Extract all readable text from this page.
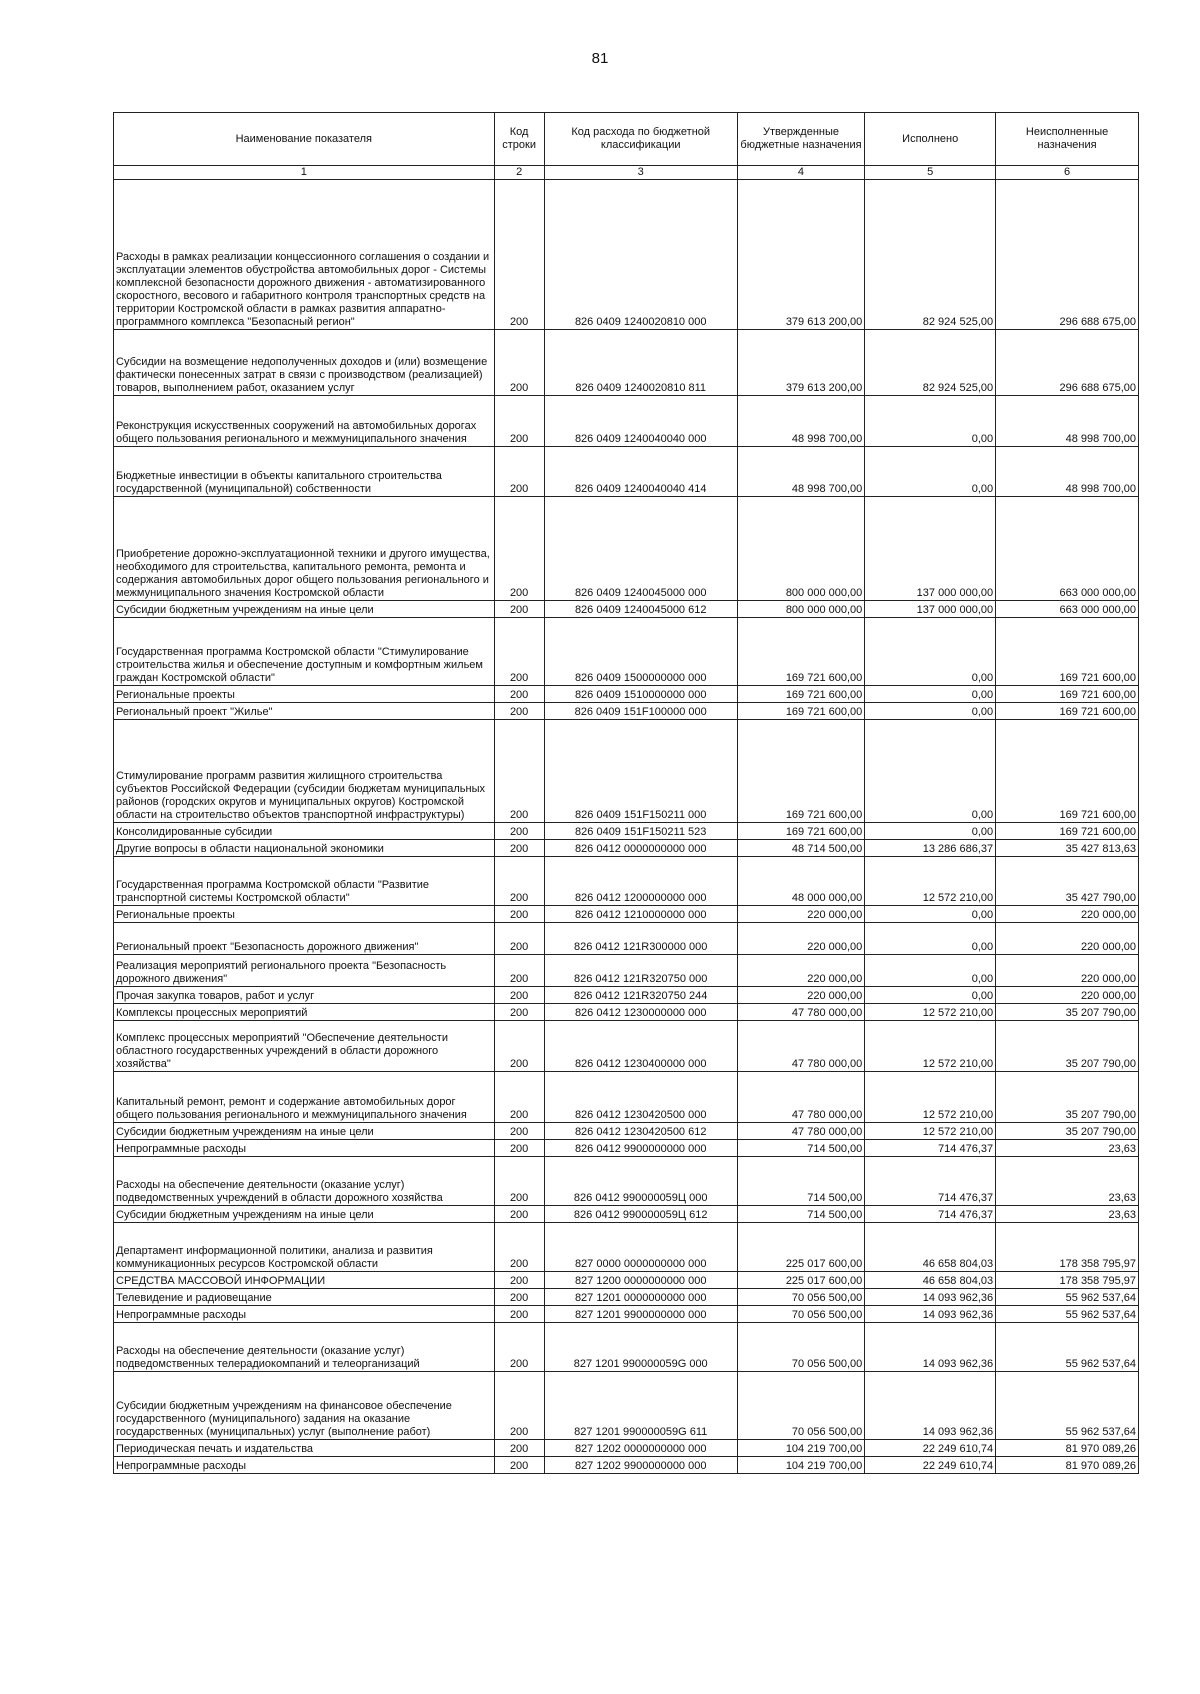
81
Наименование показателя	Код строки	Код расхода по бюджетной классификации	Утвержденные бюджетные назначения	Исполнено	Неисполненные назначения
1	2	3	4	5	6
Расходы в рамках реализации концессионного соглашения о создании и эксплуатации элементов обустройства автомобильных дорог - Системы комплексной безопасности дорожного движения - автоматизированного скоростного, весового и габаритного контроля транспортных средств на территории Костромской области в рамках развития аппаратно-программного комплекса "Безопасный регион"	200	826 0409 1240020810 000	379 613 200,00	82 924 525,00	296 688 675,00
Субсидии на возмещение недополученных доходов и (или) возмещение фактически понесенных затрат в связи с производством (реализацией) товаров, выполнением работ, оказанием услуг	200	826 0409 1240020810 811	379 613 200,00	82 924 525,00	296 688 675,00
Реконструкция искусственных сооружений на автомобильных дорогах общего пользования регионального и межмуниципального значения	200	826 0409 1240040040 000	48 998 700,00	0,00	48 998 700,00
Бюджетные инвестиции в объекты капитального строительства государственной (муниципальной) собственности	200	826 0409 1240040040 414	48 998 700,00	0,00	48 998 700,00
Приобретение дорожно-эксплуатационной техники и другого имущества, необходимого для строительства, капитального ремонта, ремонта и содержания автомобильных дорог общего пользования регионального и межмуниципального значения Костромской области	200	826 0409 1240045000 000	800 000 000,00	137 000 000,00	663 000 000,00
Субсидии бюджетным учреждениям на иные цели	200	826 0409 1240045000 612	800 000 000,00	137 000 000,00	663 000 000,00
Государственная программа Костромской области "Стимулирование строительства жилья и обеспечение доступным и комфортным жильем граждан Костромской области"	200	826 0409 1500000000 000	169 721 600,00	0,00	169 721 600,00
Региональные проекты	200	826 0409 1510000000 000	169 721 600,00	0,00	169 721 600,00
Региональный проект "Жилье"	200	826 0409 151F100000 000	169 721 600,00	0,00	169 721 600,00
Стимулирование программ развития жилищного строительства субъектов Российской Федерации (субсидии бюджетам муниципальных районов (городских округов и муниципальных округов) Костромской области на строительство объектов транспортной инфраструктуры)	200	826 0409 151F150211 000	169 721 600,00	0,00	169 721 600,00
Консолидированные субсидии	200	826 0409 151F150211 523	169 721 600,00	0,00	169 721 600,00
Другие вопросы в области национальной экономики	200	826 0412 0000000000 000	48 714 500,00	13 286 686,37	35 427 813,63
Государственная программа Костромской области "Развитие транспортной системы Костромской области"	200	826 0412 1200000000 000	48 000 000,00	12 572 210,00	35 427 790,00
Региональные проекты	200	826 0412 1210000000 000	220 000,00	0,00	220 000,00
Региональный проект "Безопасность дорожного движения"	200	826 0412 121R300000 000	220 000,00	0,00	220 000,00
Реализация мероприятий регионального проекта "Безопасность дорожного движения"	200	826 0412 121R320750 000	220 000,00	0,00	220 000,00
Прочая закупка товаров, работ и услуг	200	826 0412 121R320750 244	220 000,00	0,00	220 000,00
Комплексы процессных мероприятий	200	826 0412 1230000000 000	47 780 000,00	12 572 210,00	35 207 790,00
Комплекс процессных мероприятий "Обеспечение деятельности областного государственных учреждений в области дорожного хозяйства"	200	826 0412 1230400000 000	47 780 000,00	12 572 210,00	35 207 790,00
Капитальный ремонт, ремонт и содержание автомобильных дорог общего пользования регионального и межмуниципального значения	200	826 0412 1230420500 000	47 780 000,00	12 572 210,00	35 207 790,00
Субсидии бюджетным учреждениям на иные цели	200	826 0412 1230420500 612	47 780 000,00	12 572 210,00	35 207 790,00
Непрограммные расходы	200	826 0412 9900000000 000	714 500,00	714 476,37	23,63
Расходы на обеспечение деятельности (оказание услуг) подведомственных учреждений в области дорожного хозяйства	200	826 0412 990000059Ц 000	714 500,00	714 476,37	23,63
Субсидии бюджетным учреждениям на иные цели	200	826 0412 990000059Ц 612	714 500,00	714 476,37	23,63
Департамент информационной политики, анализа и развития коммуникационных ресурсов Костромской области	200	827 0000 0000000000 000	225 017 600,00	46 658 804,03	178 358 795,97
СРЕДСТВА МАССОВОЙ ИНФОРМАЦИИ	200	827 1200 0000000000 000	225 017 600,00	46 658 804,03	178 358 795,97
Телевидение и радиовещание	200	827 1201 0000000000 000	70 056 500,00	14 093 962,36	55 962 537,64
Непрограммные расходы	200	827 1201 9900000000 000	70 056 500,00	14 093 962,36	55 962 537,64
Расходы на обеспечение деятельности (оказание услуг) подведомственных телерадиокомпаний и телеорганизаций	200	827 1201 990000059G 000	70 056 500,00	14 093 962,36	55 962 537,64
Субсидии бюджетным учреждениям на финансовое обеспечение государственного (муниципального) задания на оказание государственных (муниципальных) услуг (выполнение работ)	200	827 1201 990000059G 611	70 056 500,00	14 093 962,36	55 962 537,64
Периодическая печать и издательства	200	827 1202 0000000000 000	104 219 700,00	22 249 610,74	81 970 089,26
Непрограммные расходы	200	827 1202 9900000000 000	104 219 700,00	22 249 610,74	81 970 089,26
